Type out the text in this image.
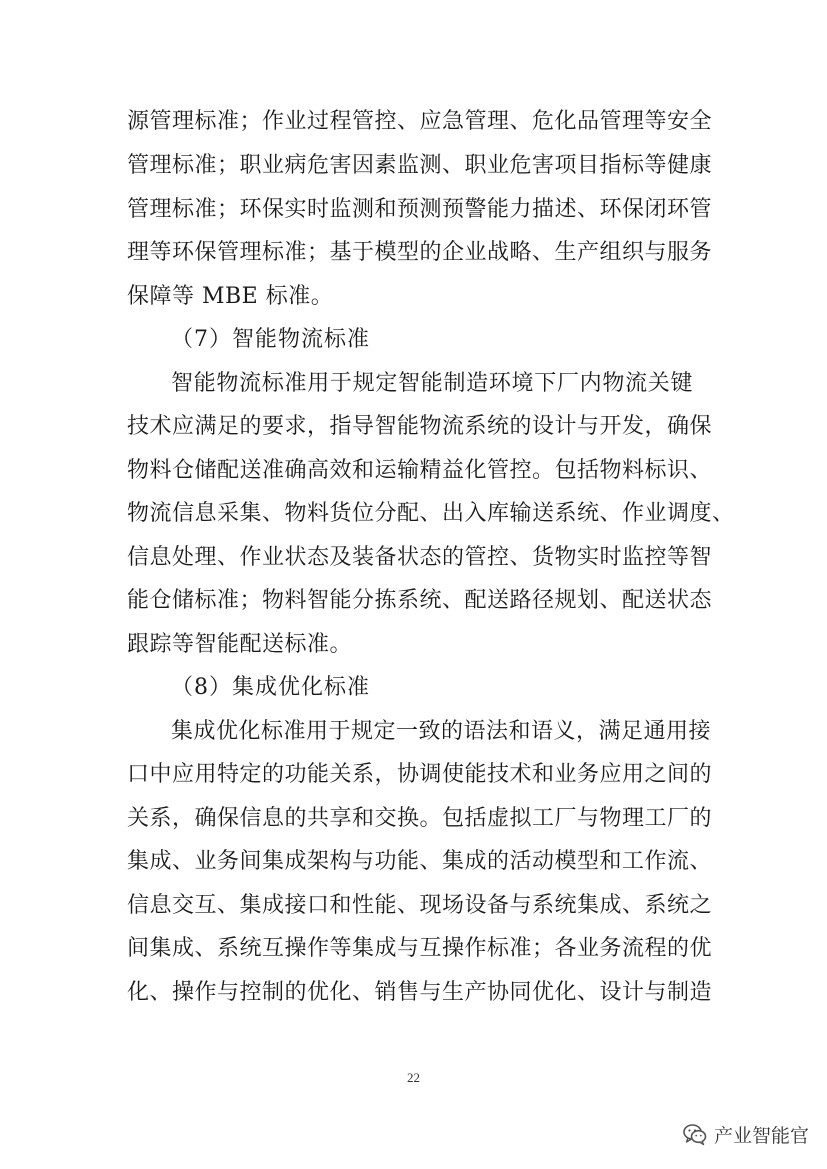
源管理标准；作业过程管控、应急管理、危化品管理等安全
管理标准；职业病危害因素监测、职业危害项目指标等健康
管理标准；环保实时监测和预测预警能力描述、环保闭环管
理等环保管理标准；基于模型的企业战略、生产组织与服务
保障等 MBE 标准。
（7）智能物流标准
智能物流标准用于规定智能制造环境下厂内物流关键
技术应满足的要求，指导智能物流系统的设计与开发，确保
物料仓储配送准确高效和运输精益化管控。包括物料标识、
物流信息采集、物料货位分配、出入库输送系统、作业调度、
信息处理、作业状态及装备状态的管控、货物实时监控等智
能仓储标准；物料智能分拣系统、配送路径规划、配送状态
跟踪等智能配送标准。
（8）集成优化标准
集成优化标准用于规定一致的语法和语义，满足通用接
口中应用特定的功能关系，协调使能技术和业务应用之间的
关系，确保信息的共享和交换。包括虚拟工厂与物理工厂的
集成、业务间集成架构与功能、集成的活动模型和工作流、
信息交互、集成接口和性能、现场设备与系统集成、系统之
间集成、系统互操作等集成与互操作标准；各业务流程的优
化、操作与控制的优化、销售与生产协同优化、设计与制造
22
产业智能官
